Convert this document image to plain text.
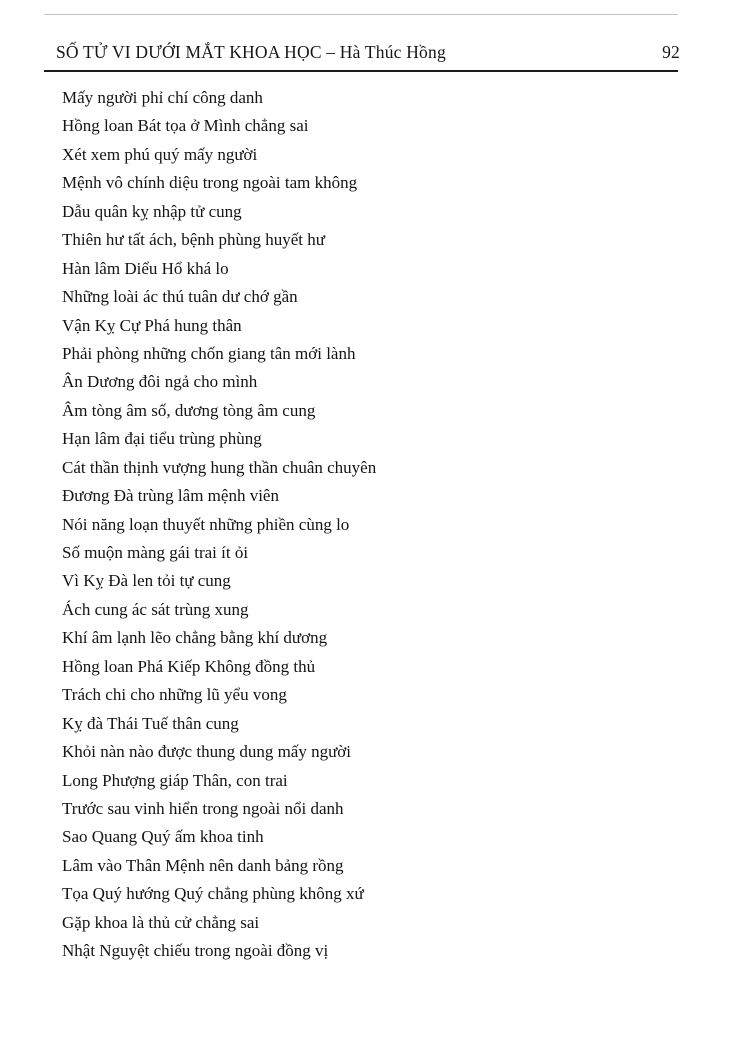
SỐ TỬ VI DƯỚI MẮT KHOA HỌC – Hà Thúc Hồng	92
Mấy người phỉ chí công danh
Hồng loan Bát tọa ở Mình chẳng sai
Xét xem phú quý mấy người
Mệnh vô chính diệu trong ngoài tam không
Dẫu quân kỵ nhập tử cung
Thiên hư tất ách, bệnh phùng huyết hư
Hàn lâm Diểu Hổ khá lo
Những loài ác thú tuân dư chớ gần
Vận Kỵ Cự Phá hung thân
Phải phòng những chốn giang tân mới lành
Ân Dương đôi ngả cho mình
Âm tòng âm số, dương tòng âm cung
Hạn lâm đại tiểu trùng phùng
Cát thần thịnh vượng hung thần chuân chuyên
Đương Đà trùng lâm mệnh viên
Nói năng loạn thuyết những phiền cùng lo
Số muộn màng gái trai ít ỏi
Vì Kỵ Đà len tỏi tự cung
Ách cung ác sát trùng xung
Khí âm lạnh lẽo chẳng bằng khí dương
Hồng loan Phá Kiếp Không đồng thủ
Trách chi cho những lũ yểu vong
Kỵ đà Thái Tuế thân cung
Khỏi nàn nào được thung dung mấy người
Long Phượng giáp Thân, con trai
Trước sau vinh hiển trong ngoài nổi danh
Sao Quang Quý ấm khoa tinh
Lâm vào Thân Mệnh nên danh bảng rồng
Tọa Quý hướng Quý chẳng phùng không xứ
Gặp khoa là thủ cử chẳng sai
Nhật Nguyệt chiếu trong ngoài đồng vị
